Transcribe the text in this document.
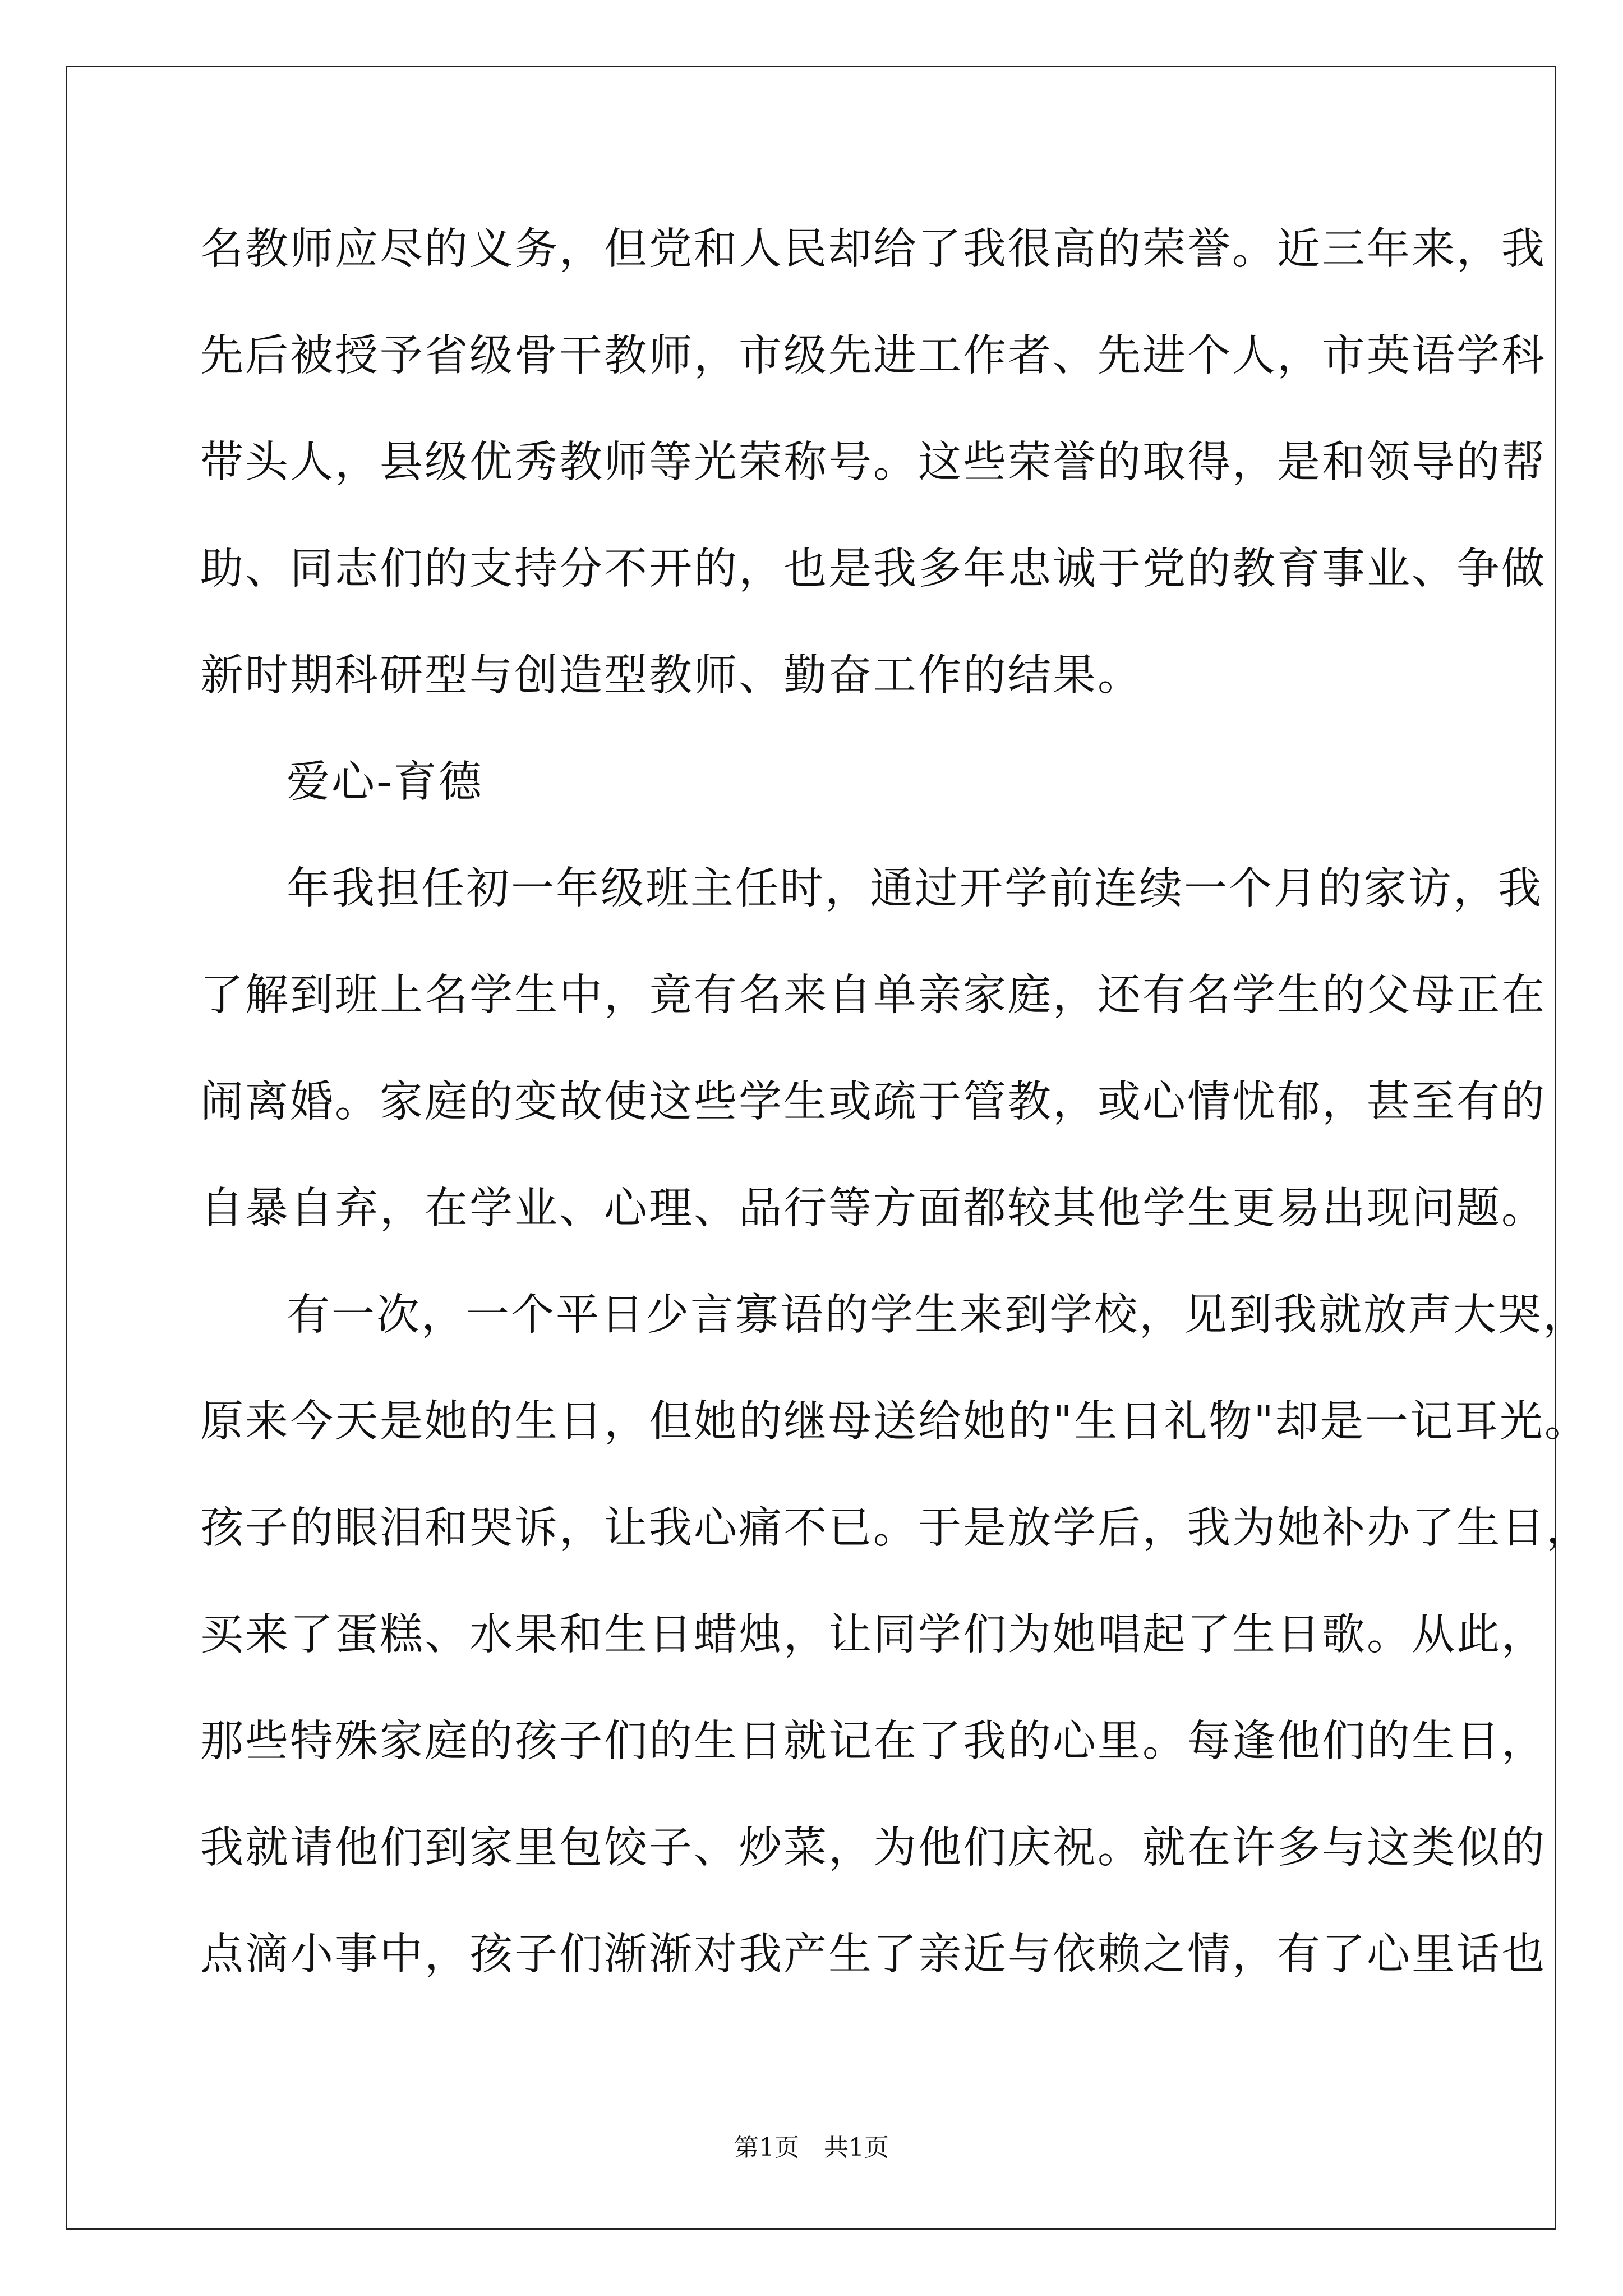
名教师应尽的义务，但党和人民却给了我很高的荣誉。近三年来，我
先后被授予省级骨干教师，市级先进工作者、先进个人，市英语学科
带头人，县级优秀教师等光荣称号。这些荣誉的取得，是和领导的帮
助、同志们的支持分不开的，也是我多年忠诚于党的教育事业、争做
新时期科研型与创造型教师、勤奋工作的结果。
爱心-育德
年我担任初一年级班主任时，通过开学前连续一个月的家访，我
了解到班上名学生中，竟有名来自单亲家庭，还有名学生的父母正在
闹离婚。家庭的变故使这些学生或疏于管教，或心情忧郁，甚至有的
自暴自弃，在学业、心理、品行等方面都较其他学生更易出现问题。
有一次，一个平日少言寡语的学生来到学校，见到我就放声大哭，
原来今天是她的生日，但她的继母送给她的"生日礼物"却是一记耳光。
孩子的眼泪和哭诉，让我心痛不已。于是放学后，我为她补办了生日，
买来了蛋糕、水果和生日蜡烛，让同学们为她唱起了生日歌。从此，
那些特殊家庭的孩子们的生日就记在了我的心里。每逢他们的生日，
我就请他们到家里包饺子、炒菜，为他们庆祝。就在许多与这类似的
点滴小事中，孩子们渐渐对我产生了亲近与依赖之情，有了心里话也
第1页　共1页
